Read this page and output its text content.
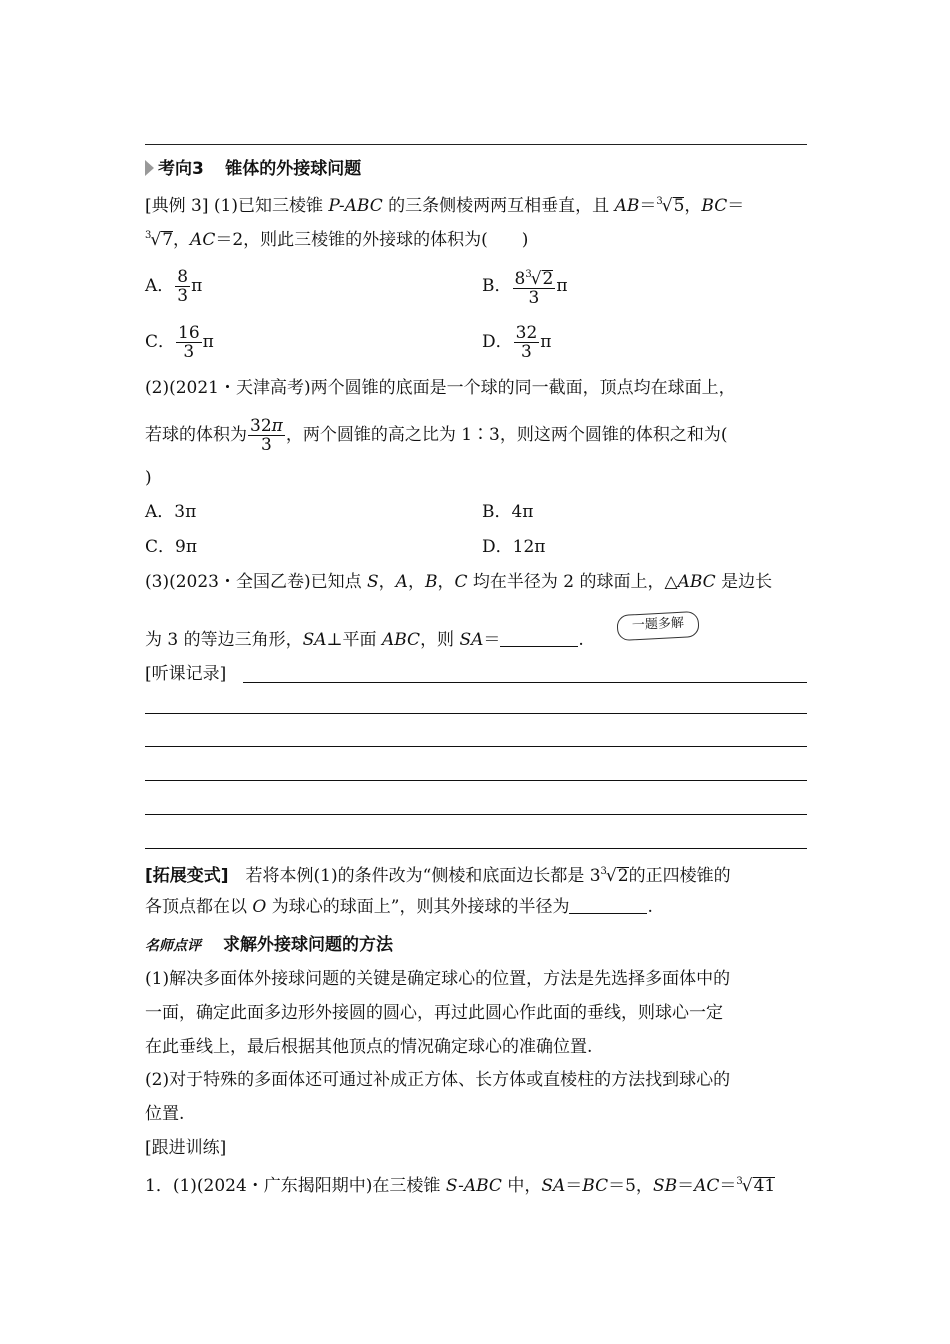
考向3 锥体的外接球问题
[典例 3] (1)已知三棱锥 P-ABC 的三条侧棱两两互相垂直，且 AB＝$^3$√5，BC＝
$^3$√7，AC＝2，则此三棱锥的外接球的体积为(　　)
A． $\frac{8}{3}$ π	B． $\frac{8^3√2}{3}$ π
C． $\frac{16}{3}$ π	D． $\frac{32}{3}$ π
(2)(2021・天津高考)两个圆锥的底面是一个球的同一截面，顶点均在球面上，
若球的体积为 $\frac{32\pi}{3}$ ，两个圆锥的高之比为 1∶3，则这两个圆锥的体积之和为(
)
A．3π	B．4π
C．9π	D．12π
(3)(2023・全国乙卷)已知点 S，A，B，C 均在半径为 2 的球面上，△ABC 是边长
为 3 的等边三角形，SA⊥平面 ABC，则 SA＝	.
一题多解
[听课记录]
[拓展变式]　若将本例(1)的条件改为“侧棱和底面边长都是 $3^3√2$的正四棱锥的
各顶点都在以 O 为球心的球面上”，则其外接球的半径为	.
名师点评 求解外接球问题的方法
(1)解决多面体外接球问题的关键是确定球心的位置，方法是先选择多面体中的
一面，确定此面多边形外接圆的圆心，再过此圆心作此面的垂线，则球心一定
在此垂线上，最后根据其他顶点的情况确定球心的准确位置.
(2)对于特殊的多面体还可通过补成正方体、长方体或直棱柱的方法找到球心的
位置.
[跟进训练]
1．(1)(2024・广东揭阳期中)在三棱锥 S-ABC 中，SA＝BC＝5，SB＝AC＝$^3$√41
